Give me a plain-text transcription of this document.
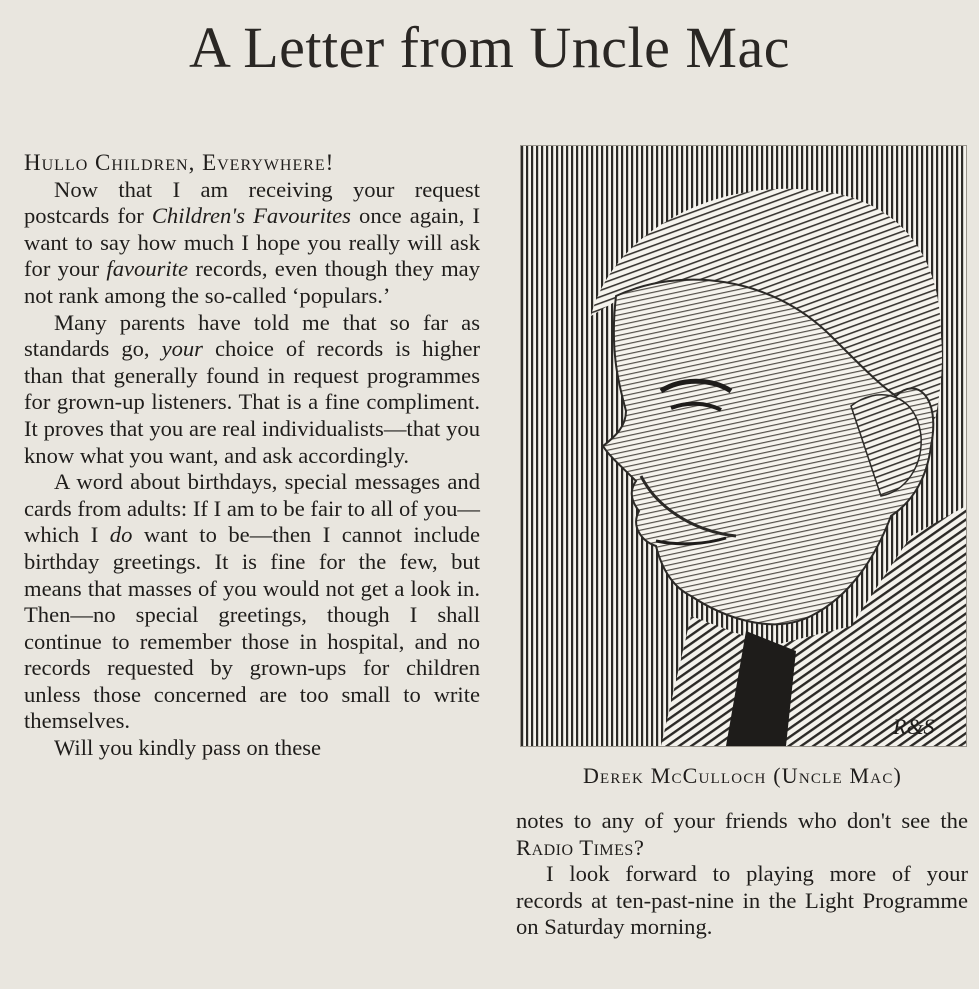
A Letter from Uncle Mac

Hullo Children, Everywhere!

Now that I am receiving your request postcards for Children's Favourites once again, I want to say how much I hope you really will ask for your favourite records, even though they may not rank among the so-called ‘populars.’

Many parents have told me that so far as standards go, your choice of records is higher than that generally found in request programmes for grown-up listeners. That is a fine compliment. It proves that you are real individualists—that you know what you want, and ask accordingly.

A word about birthdays, special messages and cards from adults: If I am to be fair to all of you—which I do want to be—then I cannot include birthday greetings. It is fine for the few, but means that masses of you would not get a look in. Then—no special greetings, though I shall continue to remember those in hospital, and no records requested by grown-ups for children unless those concerned are too small to write themselves.

Will you kindly pass on these

R&S
Derek McCulloch (Uncle Mac)

notes to any of your friends who don't see the Radio Times?

I look forward to playing more of your records at ten-past-nine in the Light Programme on Saturday morning.
